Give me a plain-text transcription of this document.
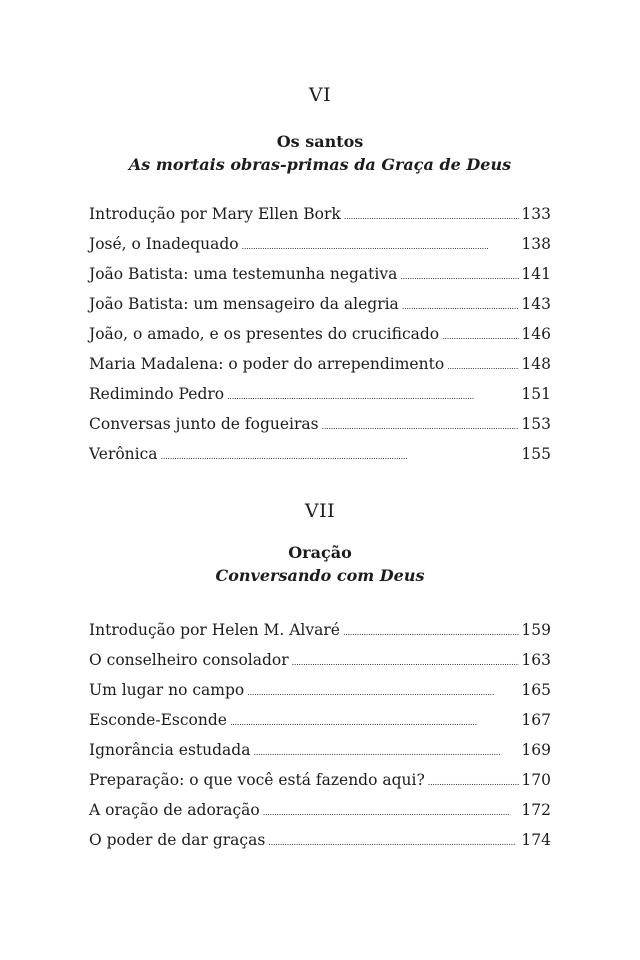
VI
Os santos
As mortais obras-primas da Graça de Deus
Introdução por Mary Ellen Bork . . .	133
José, o Inadequado . . .	138
João Batista: uma testemunha negativa . . .	141
João Batista: um mensageiro da alegria . . .	143
João, o amado, e os presentes do crucificado . . .	146
Maria Madalena: o poder do arrependimento . . .	148
Redimindo Pedro . . .	151
Conversas junto de fogueiras . . .	153
Verônica . . .	155
VII
Oração
Conversando com Deus
Introdução por Helen M. Alvaré . . .	159
O conselheiro consolador . . .	163
Um lugar no campo . . .	165
Esconde-Esconde . . .	167
Ignorância estudada . . .	169
Preparação: o que você está fazendo aqui? . . .	170
A oração de adoração . . .	172
O poder de dar graças . . .	174
